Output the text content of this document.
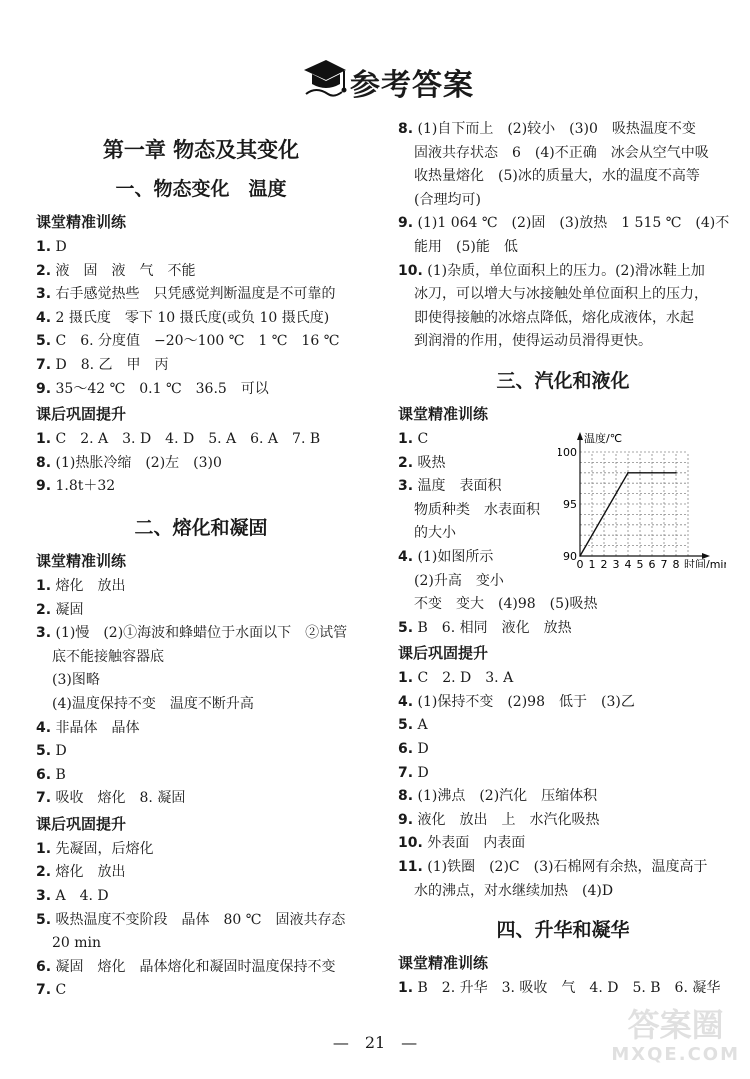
参考答案
第一章 物态及其变化
一、物态变化　温度
课堂精准训练
1. D
2. 液　固　液　气　不能
3. 右手感觉热些　只凭感觉判断温度是不可靠的
4. 2 摄氏度　零下 10 摄氏度(或负 10 摄氏度)
5. C　6. 分度值　−20～100 ℃　1 ℃　16 ℃
7. D　8. 乙　甲　丙
9. 35～42 ℃　0.1 ℃　36.5　可以
课后巩固提升
1. C　2. A　3. D　4. D　5. A　6. A　7. B
8. (1)热胀冷缩　(2)左　(3)0
9. 1.8t＋32
二、熔化和凝固
课堂精准训练
1. 熔化　放出
2. 凝固
3. (1)慢　(2)①海波和蜂蜡位于水面以下　②试管
底不能接触容器底
(3)图略
(4)温度保持不变　温度不断升高
4. 非晶体　晶体
5. D
6. B
7. 吸收　熔化　8. 凝固
课后巩固提升
1. 先凝固，后熔化
2. 熔化　放出
3. A　4. D
5. 吸热温度不变阶段　晶体　80 ℃　固液共存态
20 min
6. 凝固　熔化　晶体熔化和凝固时温度保持不变
7. C
8. (1)自下而上　(2)较小　(3)0　吸热温度不变
固液共存状态　6　(4)不正确　冰会从空气中吸
收热量熔化　(5)冰的质量大，水的温度不高等
(合理均可)
9. (1)1 064 ℃　(2)固　(3)放热　1 515 ℃　(4)不
能用　(5)能　低
10. (1)杂质，单位面积上的压力。(2)滑冰鞋上加
冰刀，可以增大与冰接触处单位面积上的压力，
即使得接触的冰熔点降低，熔化成液体，水起
到润滑的作用，使得运动员滑得更快。
三、汽化和液化
课堂精准训练
1. C
2. 吸热
3. 温度　表面积
物质种类　水表面积
的大小
4. (1)如图所示
(2)升高　变小
不变　变大　(4)98　(5)吸热
5. B　6. 相同　液化　放热
0 1 2 3 4 5 6 7 8
90
95
100
温度/℃
时间/min
课后巩固提升
1. C　2. D　3. A
4. (1)保持不变　(2)98　低于　(3)乙
5. A
6. D
7. D
8. (1)沸点　(2)汽化　压缩体积
9. 液化　放出　上　水汽化吸热
10. 外表面　内表面
11. (1)铁圈　(2)C　(3)石棉网有余热，温度高于
水的沸点，对水继续加热　(4)D
四、升华和凝华
课堂精准训练
1. B　2. 升华　3. 吸收　气　4. D　5. B　6. 凝华
—　21　—	答案圈
MXQE.COM
